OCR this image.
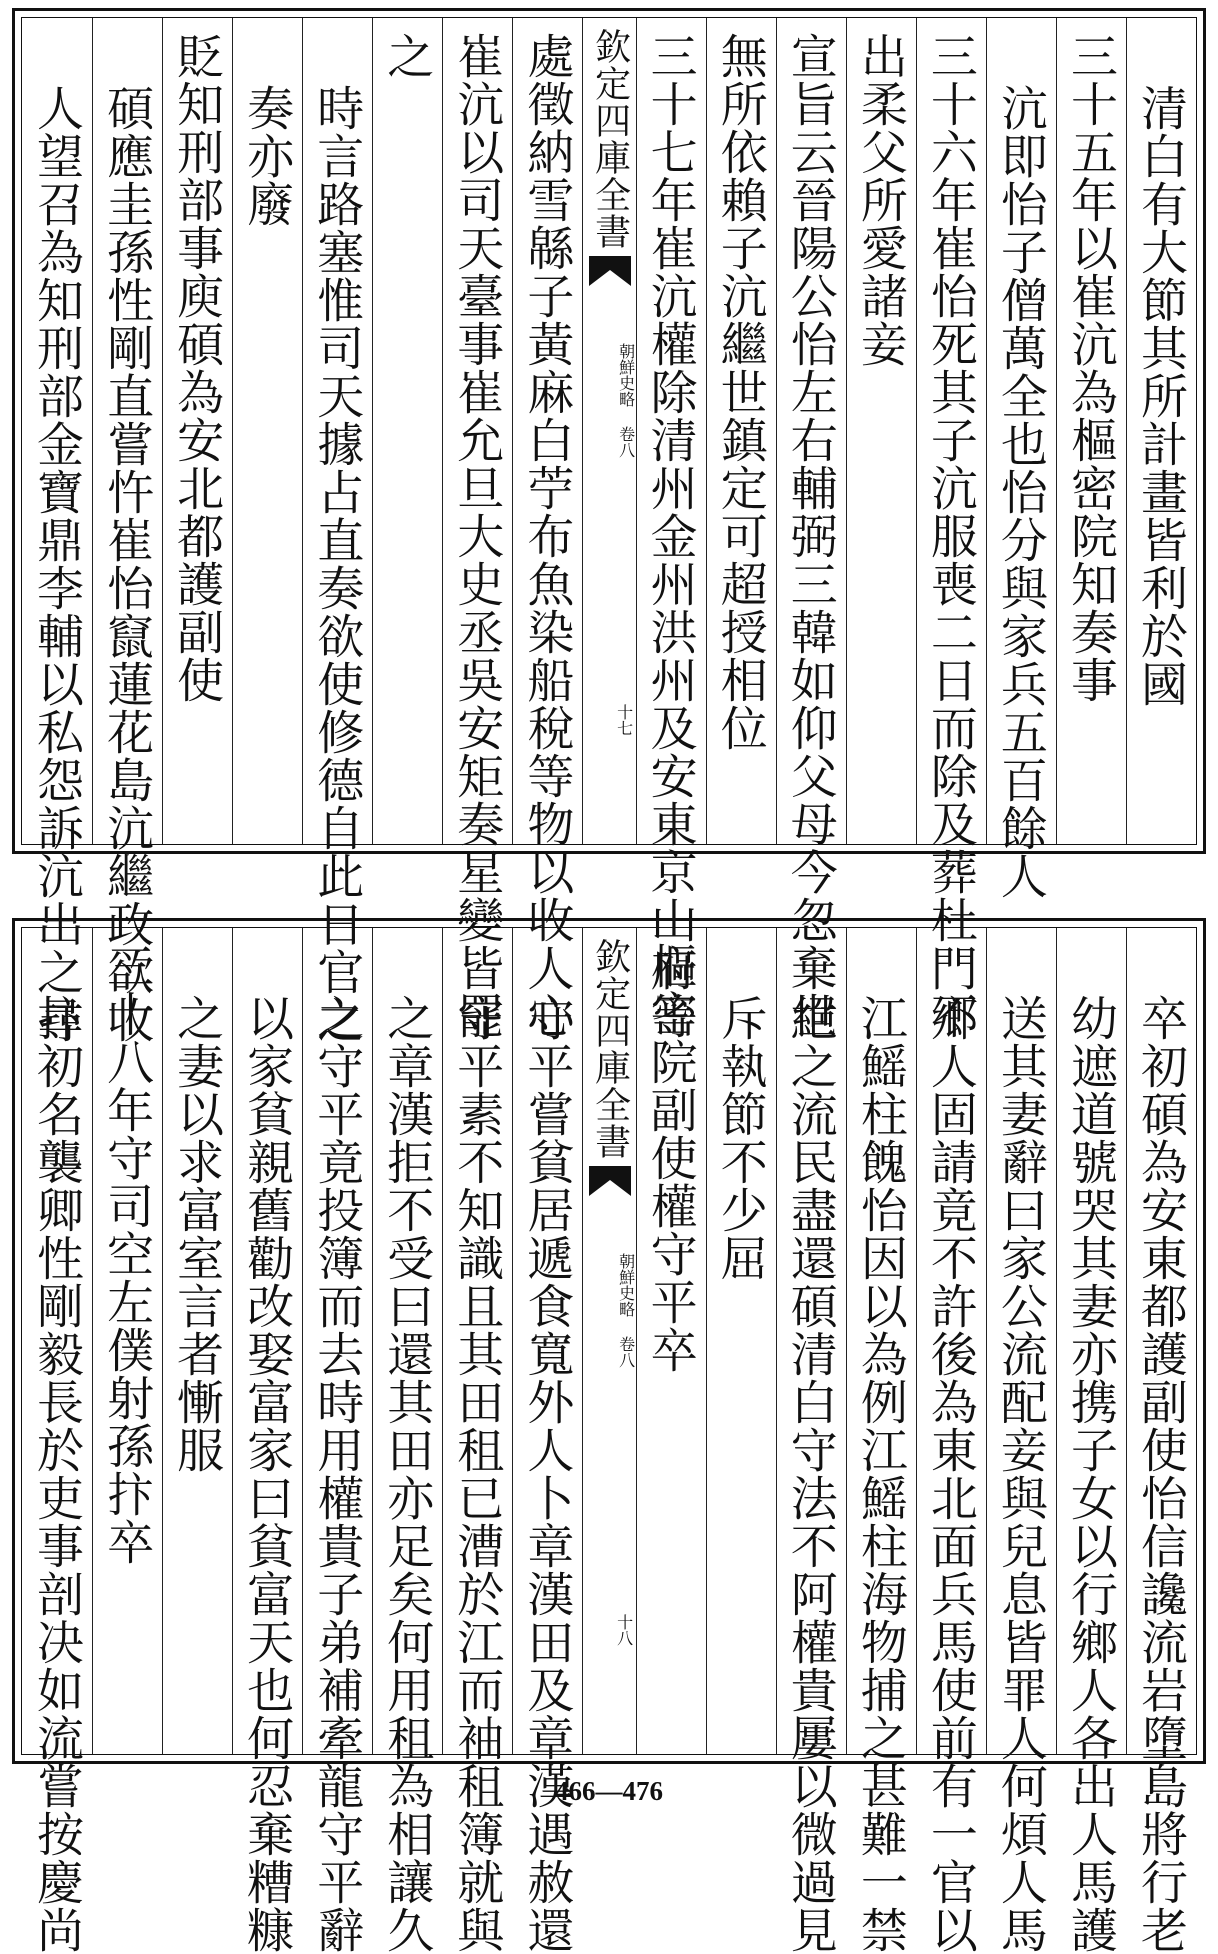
清白有大節其所計畫皆利於國
三十五年以崔沆為樞密院知奏事
沆即怡子僧萬全也怡分與家兵五百餘人
三十六年崔怡死其子沆服喪二日而除及葬杜門不
出柔父所愛諸妾
宣旨云晉陽公怡左右輔弼三韓如仰父母今忽棄世
無所依賴子沆繼世鎮定可超授相位
三十七年崔沆權除清州金州洪州及安東京山府等
欽定四庫全書
朝鮮史略 卷八
十七
處徵納雪緜子黃麻白苧布魚染船稅等物以收人心
崔沆以司天臺事崔允旦大史丞吳安矩奏星變皆罷
之
時言路塞惟司天據占直奏欲使修德自此日官之
奏亦廢
貶知刑部事庾碩為安北都護副使
碩應圭孫性剛直嘗忤崔怡竄蓮花島沆繼政欲收
人望召為知刑部金寶鼎李輔以私怨訴沆出之尋
卒初碩為安東都護副使怡信讒流岩墮島將行老
幼遮道號哭其妻亦携子女以行鄉人各出人馬護
送其妻辭曰家公流配妾與兒息皆罪人何煩人馬
鄉人固請竟不許後為東北面兵馬使前有一官以
江鰩柱餽怡因以為例江鰩柱海物捕之甚難一禁
絕之流民盡還碩清白守法不阿權貴屢以微過見
斥執節不少屈
樞密院副使權守平卒
欽定四庫全書
朝鮮史略 卷八
十八
守平嘗貧居遞食寬外人卜章漢田及章漢遇赦還
守平素不知識且其田租已漕於江而袖租簿就與
之章漢拒不受曰還其田亦足矣何用租為相讓久
之守平竟投簿而去時用權貴子弟補牽龍守平辭
以家貧親舊勸改娶富家曰貧富天也何忍棄糟糠
之妻以求富室言者慚服
三十八年守司空左僕射孫抃卒
抃初名襲卿性剛毅長於吏事剖决如流嘗按慶尚	466—476
